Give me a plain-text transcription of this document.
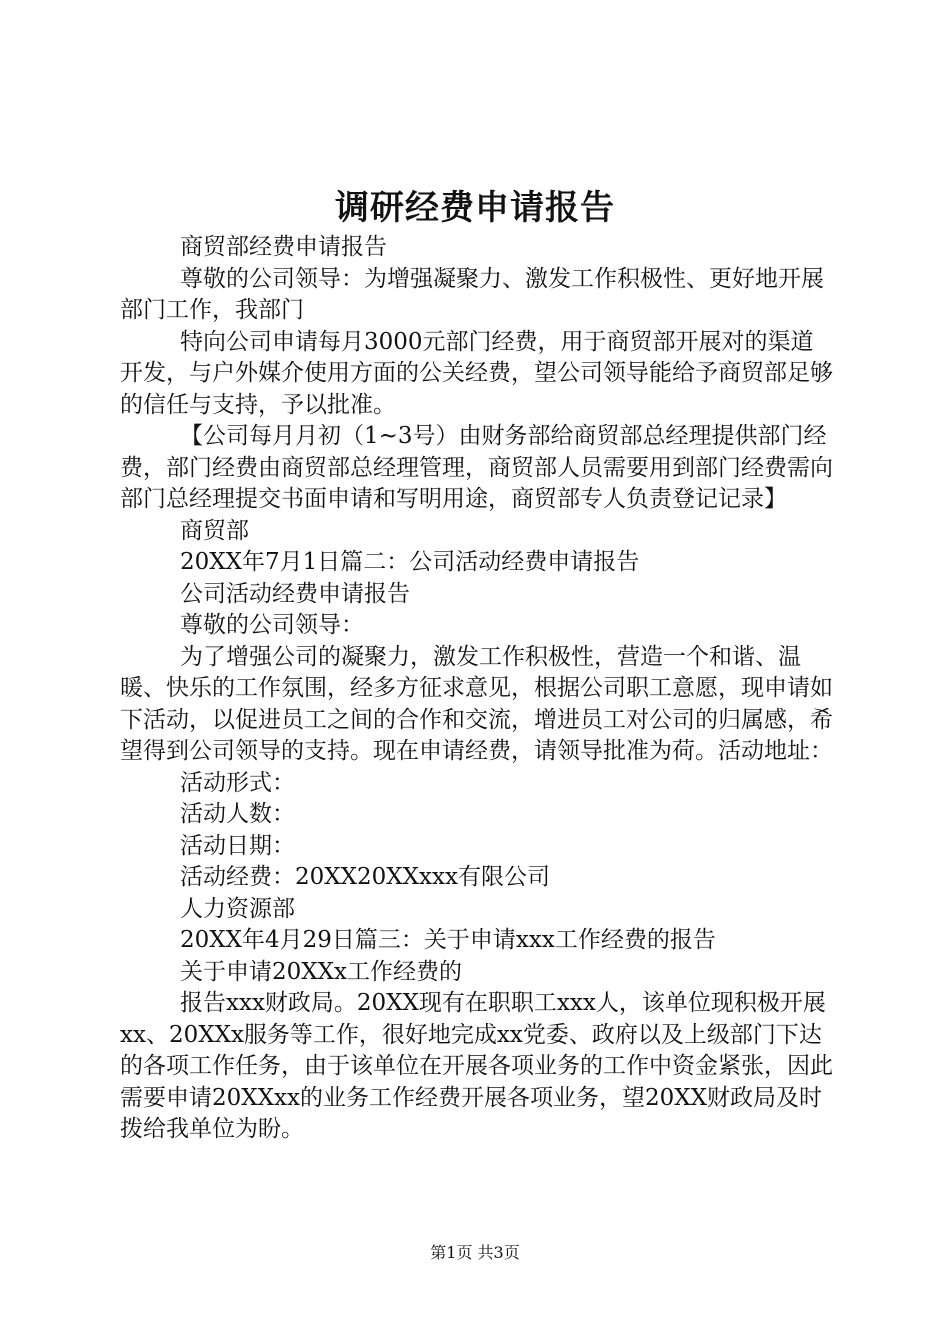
调研经费申请报告

商贸部经费申请报告

尊敬的公司领导：为增强凝聚力、激发工作积极性、更好地开展部门工作，我部门

特向公司申请每月3000元部门经费，用于商贸部开展对的渠道开发，与户外媒介使用方面的公关经费，望公司领导能给予商贸部足够的信任与支持，予以批准。

【公司每月月初（1~3号）由财务部给商贸部总经理提供部门经费，部门经费由商贸部总经理管理，商贸部人员需要用到部门经费需向部门总经理提交书面申请和写明用途，商贸部专人负责登记记录】

商贸部

20XX年7月1日篇二：公司活动经费申请报告

公司活动经费申请报告

尊敬的公司领导：

为了增强公司的凝聚力，激发工作积极性，营造一个和谐、温暖、快乐的工作氛围，经多方征求意见，根据公司职工意愿，现申请如下活动，以促进员工之间的合作和交流，增进员工对公司的归属感，希望得到公司领导的支持。现在申请经费，请领导批准为荷。活动地址：

活动形式：

活动人数：

活动日期：

活动经费：20XX20XXxxx有限公司

人力资源部

20XX年4月29日篇三：关于申请xxx工作经费的报告

关于申请20XXx工作经费的

报告xxx财政局。20XX现有在职职工xxx人，该单位现积极开展xx、20XXx服务等工作，很好地完成xx党委、政府以及上级部门下达的各项工作任务，由于该单位在开展各项业务的工作中资金紧张，因此需要申请20XXxx的业务工作经费开展各项业务，望20XX财政局及时拨给我单位为盼。

第1页 共3页
